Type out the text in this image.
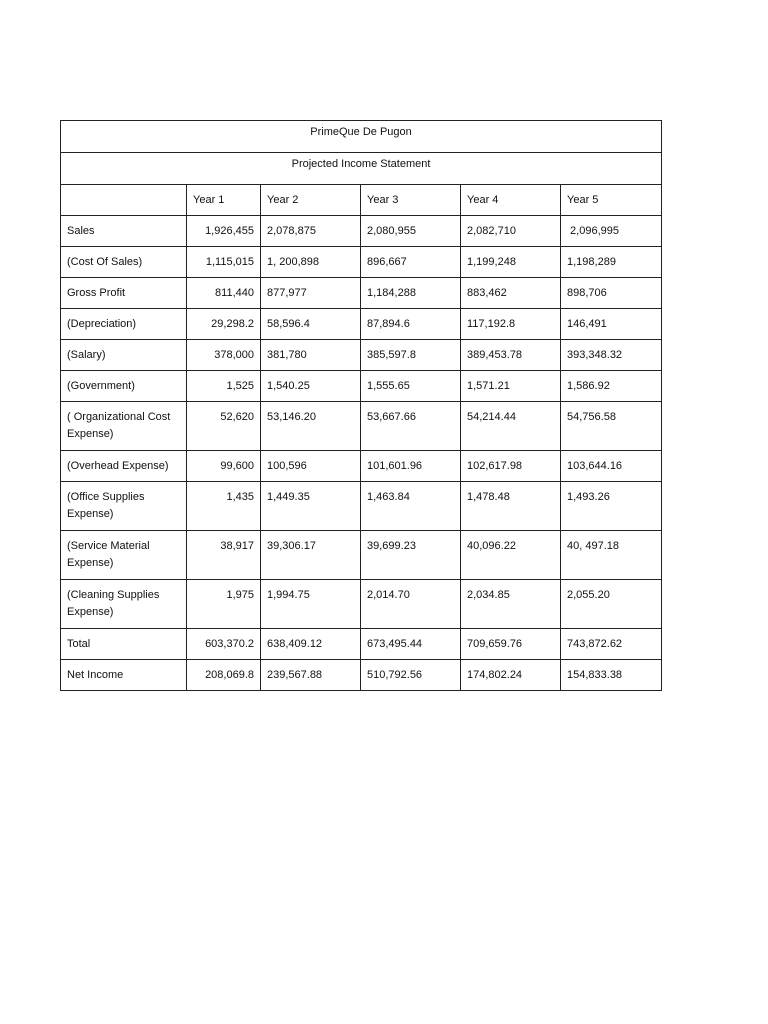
PrimeQue De Pugon					
Projected Income Statement					
	Year 1	Year 2	Year 3	Year 4	Year 5
Sales	1,926,455	2,078,875	2,080,955	2,082,710	2,096,995
(Cost Of Sales)	1,115,015	1, 200,898	896,667	1,199,248	1,198,289
Gross Profit	811,440	877,977	1,184,288	883,462	898,706
(Depreciation)	29,298.2	58,596.4	87,894.6	117,192.8	146,491
(Salary)	378,000	381,780	385,597.8	389,453.78	393,348.32
(Government)	1,525	1,540.25	1,555.65	1,571.21	1,586.92
( Organizational Cost Expense)	52,620	53,146.20	53,667.66	54,214.44	54,756.58
(Overhead Expense)	99,600	100,596	101,601.96	102,617.98	103,644.16
(Office Supplies Expense)	1,435	1,449.35	1,463.84	1,478.48	1,493.26
(Service Material Expense)	38,917	39,306.17	39,699.23	40,096.22	40, 497.18
(Cleaning Supplies Expense)	1,975	1,994.75	2,014.70	2,034.85	2,055.20
Total	603,370.2	638,409.12	673,495.44	709,659.76	743,872.62
Net Income	208,069.8	239,567.88	510,792.56	174,802.24	154,833.38
